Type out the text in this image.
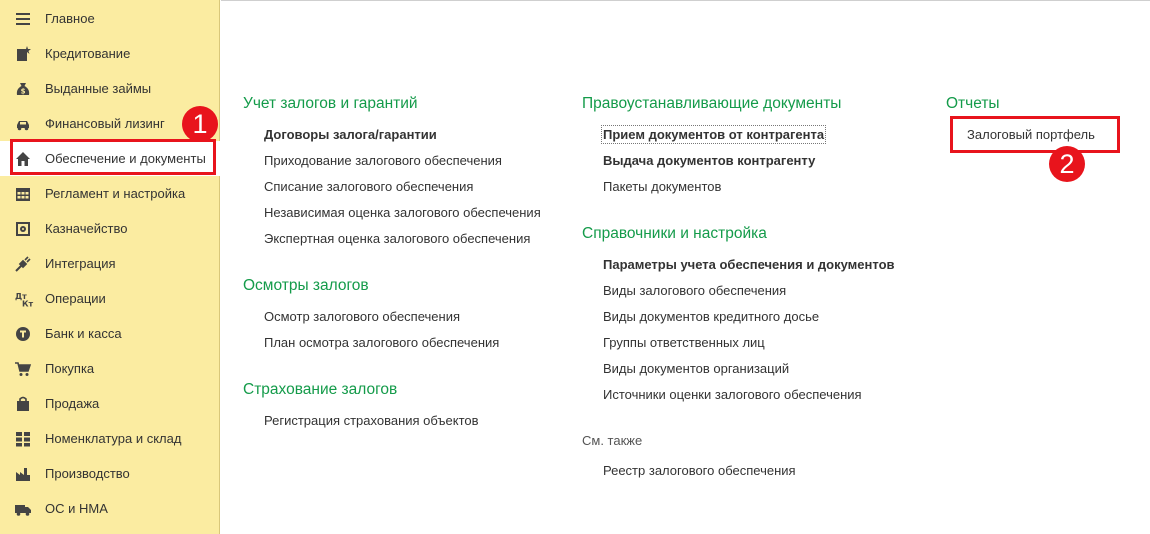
Главное
Кредитование
$ Выданные займы
Финансовый лизинг
Обеспечение и документы
Регламент и настройка
Казначейство
Интеграция
Дт
Кт Операции
Банк и касса
Покупка
Продажа
Номенклатура и склад
Производство
ОС и НМА
Учет залогов и гарантий
Договоры залога/гарантии
Приходование залогового обеспечения
Списание залогового обеспечения
Независимая оценка залогового обеспечения
Экспертная оценка залогового обеспечения
Осмотры залогов
Осмотр залогового обеспечения
План осмотра залогового обеспечения
Страхование залогов
Регистрация страхования объектов
Правоустанавливающие документы
Прием документов от контрагента
Выдача документов контрагенту
Пакеты документов
Справочники и настройка
Параметры учета обеспечения и документов
Виды залогового обеспечения
Виды документов кредитного досье
Группы ответственных лиц
Виды документов организаций
Источники оценки залогового обеспечения
См. также
Реестр залогового обеспечения
Отчеты
Залоговый портфель
1
2
